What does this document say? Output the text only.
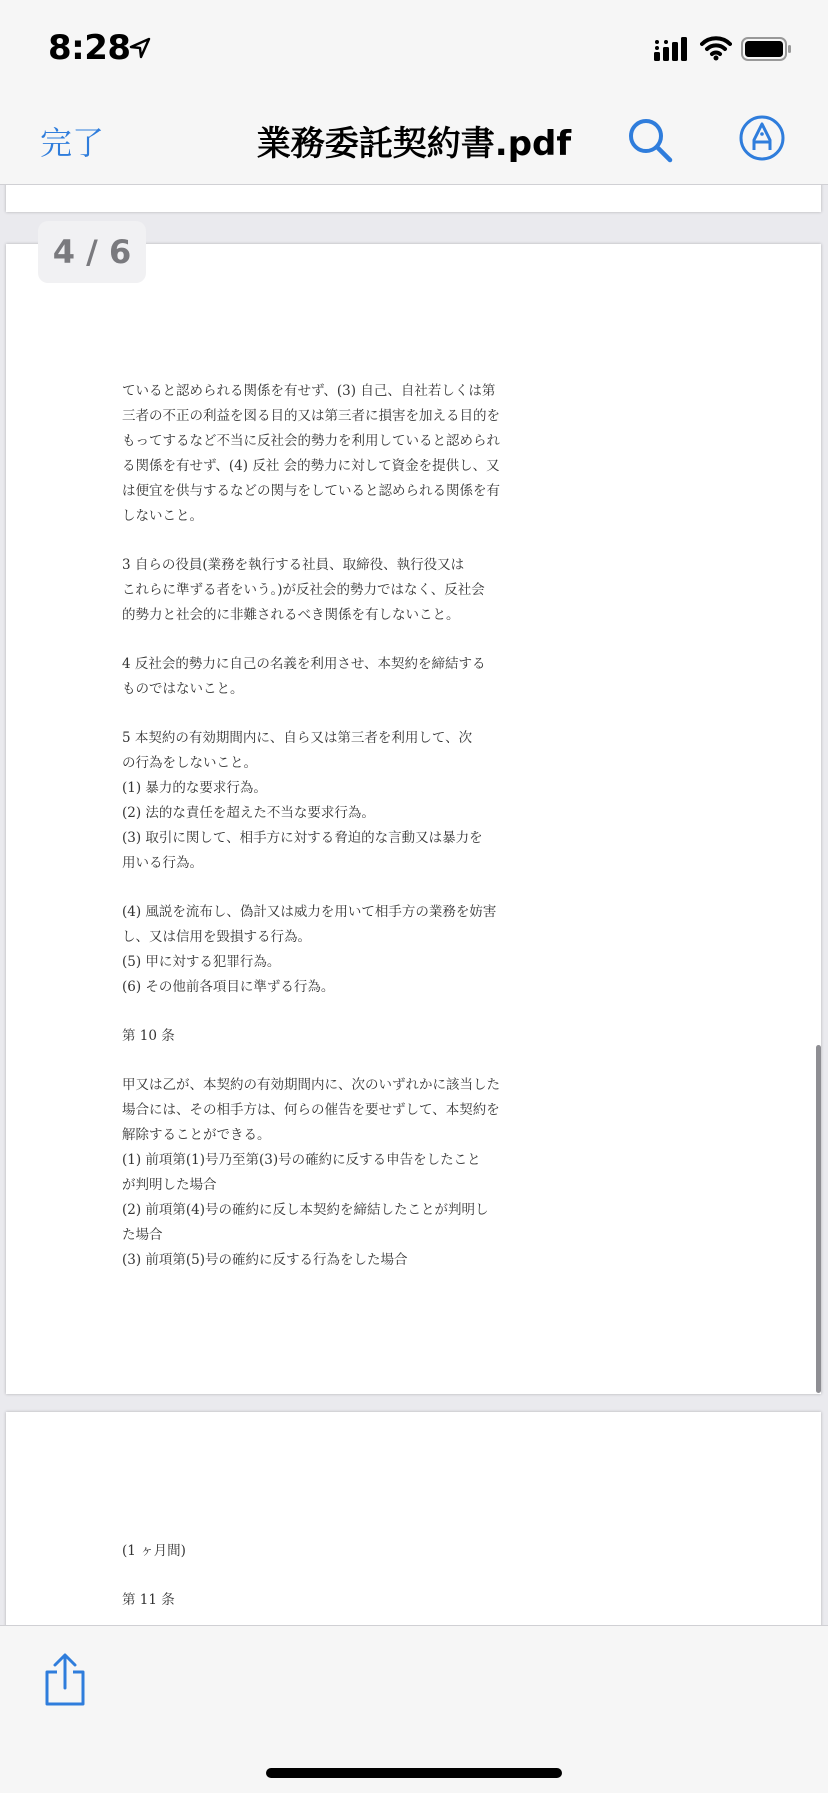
8:28
完了	業務委託契約書.pdf

ていると認められる関係を有せず、(3) 自己、自社若しくは第
三者の不正の利益を図る目的又は第三者に損害を加える目的を
もってするなど不当に反社会的勢力を利用していると認められ
る関係を有せず、(4) 反社 会的勢力に対して資金を提供し、又
は便宜を供与するなどの関与をしていると認められる関係を有
しないこと。

3 自らの役員(業務を執行する社員、取締役、執行役又は
これらに準ずる者をいう。)が反社会的勢力ではなく、反社会
的勢力と社会的に非難されるべき関係を有しないこと。

4 反社会的勢力に自己の名義を利用させ、本契約を締結する
ものではないこと。

5 本契約の有効期間内に、自ら又は第三者を利用して、次
の行為をしないこと。
(1) 暴力的な要求行為。
(2) 法的な責任を超えた不当な要求行為。
(3) 取引に関して、相手方に対する脅迫的な言動又は暴力を
用いる行為。

(4) 風説を流布し、偽計又は威力を用いて相手方の業務を妨害
し、又は信用を毀損する行為。
(5) 甲に対する犯罪行為。
(6) その他前各項目に準ずる行為。

第 10 条

甲又は乙が、本契約の有効期間内に、次のいずれかに該当した
場合には、その相手方は、何らの催告を要せずして、本契約を
解除することができる。
(1) 前項第(1)号乃至第(3)号の確約に反する申告をしたこと
が判明した場合
(2) 前項第(4)号の確約に反し本契約を締結したことが判明し
た場合
(3) 前項第(5)号の確約に反する行為をした場合

(1 ヶ月間)

第 11 条

4 / 6
